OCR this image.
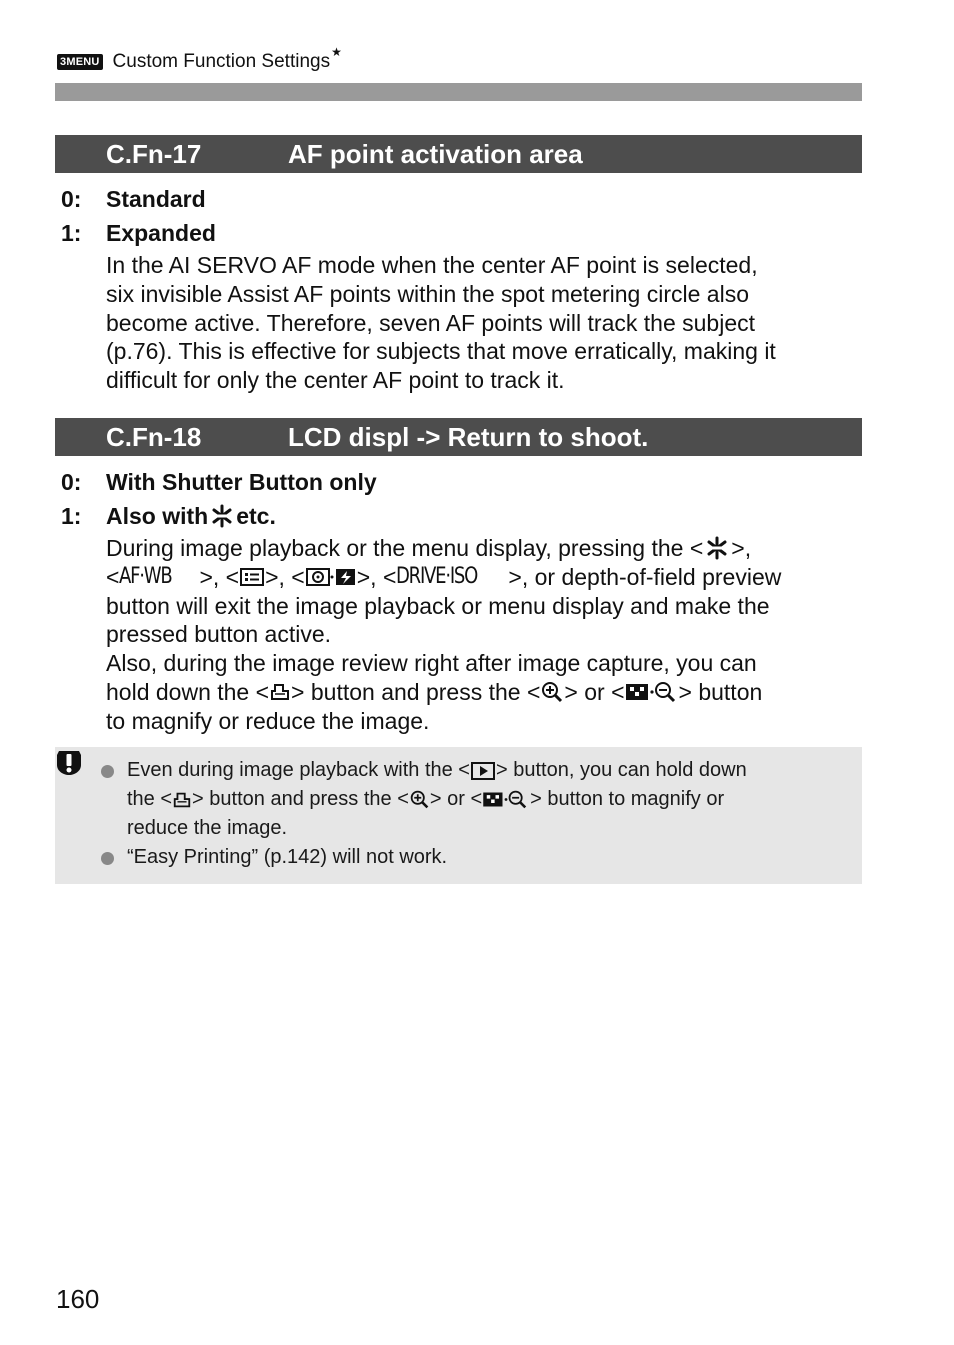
3MENU Custom Function Settings★
C.Fn-17	AF point activation area
0:	Standard
1:	Expanded
In the AI SERVO AF mode when the center AF point is selected,
six invisible Assist AF points within the spot metering circle also
become active. Therefore, seven AF points will track the subject
(p.76). This is effective for subjects that move erratically, making it
difficult for only the center AF point to track it.
C.Fn-18	LCD displ -> Return to shoot.
0:	With Shutter Button only
1:	Also with etc.
During image playback or the menu display, pressing the < >,
< AF·WB	>, < >, < >, < DRIVE·ISO	>, or depth-of-field preview
button will exit the image playback or menu display and make the
pressed button active.
Also, during the image review right after image capture, you can
hold down the < > button and press the < > or < > button
to magnify or reduce the image.
Even during image playback with the < > button, you can hold down
the < > button and press the < > or < > button to magnify or
reduce the image.
“Easy Printing” (p.142) will not work.
160
